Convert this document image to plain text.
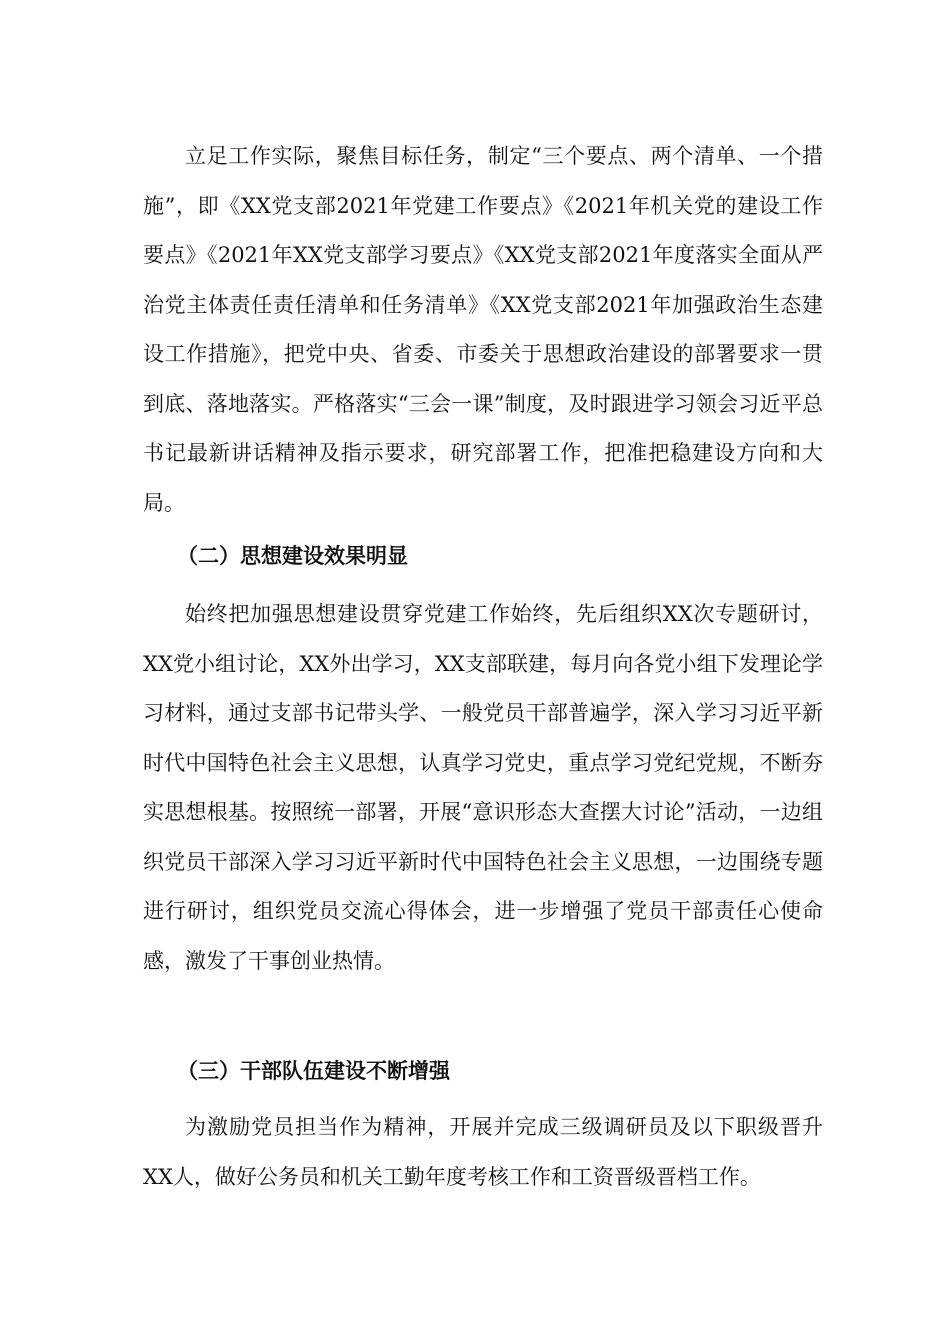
立足工作实际，聚焦目标任务，制定“三个要点、两个清单、一个措施”，即《XX党支部2021年党建工作要点》《2021年机关党的建设工作要点》《2021年XX党支部学习要点》《XX党支部2021年度落实全面从严治党主体责任责任清单和任务清单》《XX党支部2021年加强政治生态建设工作措施》，把党中央、省委、市委关于思想政治建设的部署要求一贯到底、落地落实。严格落实“三会一课”制度，及时跟进学习领会习近平总书记最新讲话精神及指示要求，研究部署工作，把准把稳建设方向和大局。

（二）思想建设效果明显

始终把加强思想建设贯穿党建工作始终，先后组织XX次专题研讨，XX党小组讨论，XX外出学习，XX支部联建，每月向各党小组下发理论学习材料，通过支部书记带头学、一般党员干部普遍学，深入学习习近平新时代中国特色社会主义思想，认真学习党史，重点学习党纪党规，不断夯实思想根基。按照统一部署，开展“意识形态大查摆大讨论”活动，一边组织党员干部深入学习习近平新时代中国特色社会主义思想，一边围绕专题进行研讨，组织党员交流心得体会，进一步增强了党员干部责任心使命感，激发了干事创业热情。

（三）干部队伍建设不断增强

为激励党员担当作为精神，开展并完成三级调研员及以下职级晋升XX人，做好公务员和机关工勤年度考核工作和工资晋级晋档工作。
